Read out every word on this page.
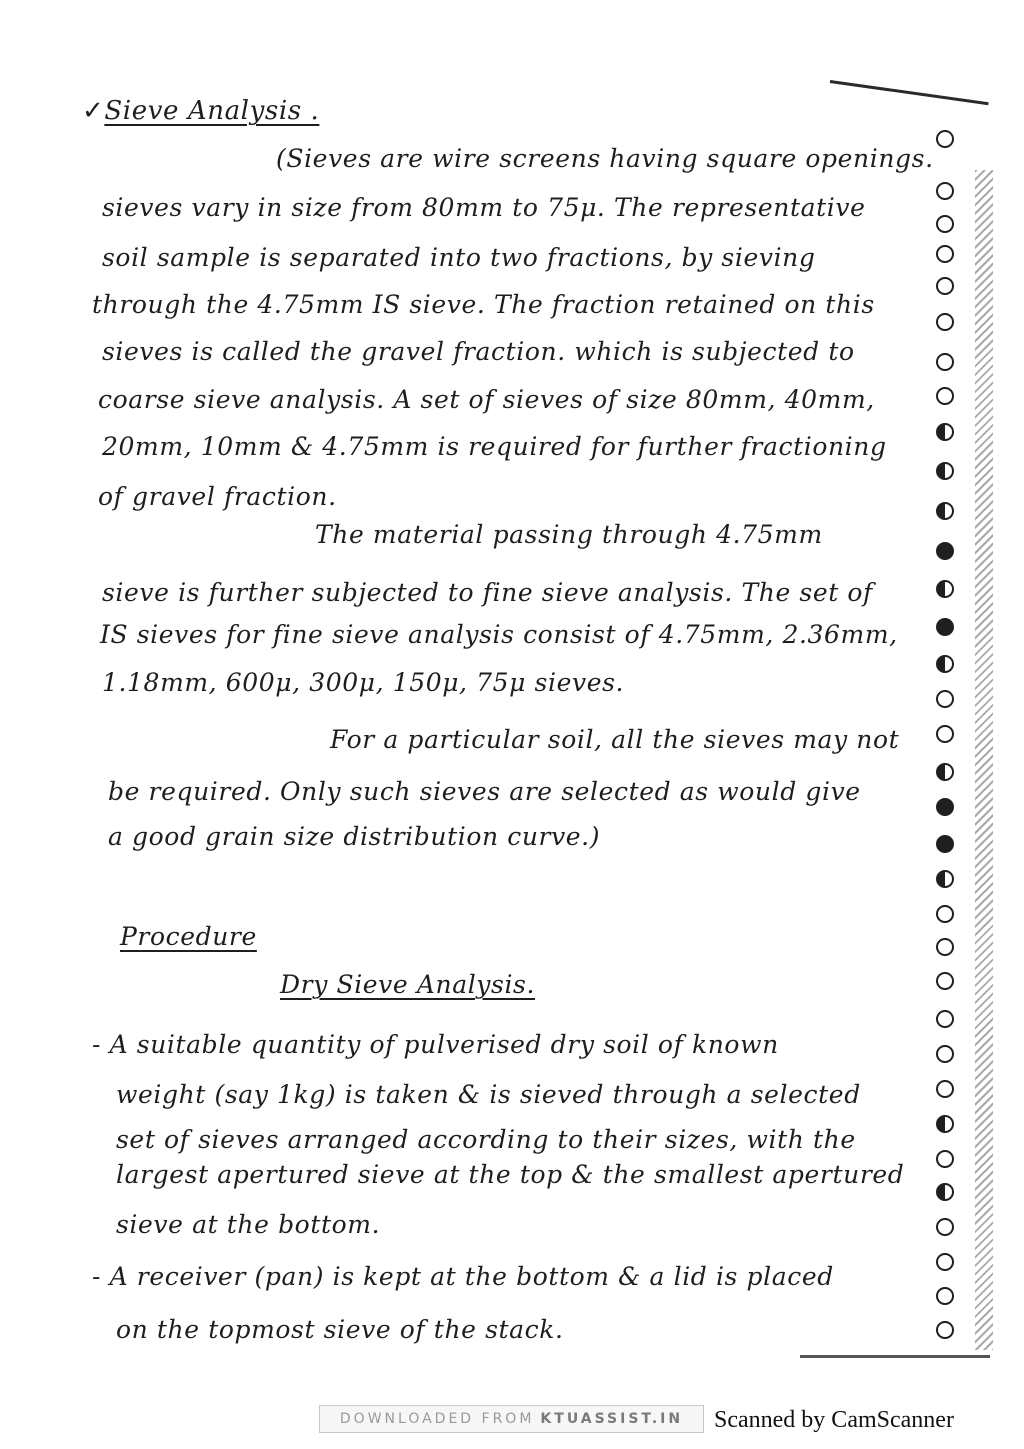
✓Sieve Analysis .
(Sieves are wire screens having square openings.
sieves vary in size from 80mm to 75μ. The representative
soil sample is separated into two fractions, by sieving
through the 4.75mm IS sieve. The fraction retained on this
sieves is called the gravel fraction. which is subjected to
coarse sieve analysis. A set of sieves of size 80mm, 40mm,
20mm, 10mm & 4.75mm is required for further fractioning
of gravel fraction.
The material passing through 4.75mm
sieve is further subjected to fine sieve analysis. The set of
IS sieves for fine sieve analysis consist of 4.75mm, 2.36mm,
1.18mm, 600μ, 300μ, 150μ, 75μ sieves.
For a particular soil, all the sieves may not
be required. Only such sieves are selected as would give
a good grain size distribution curve.)
Procedure
Dry Sieve Analysis.
- A suitable quantity of pulverised dry soil of known
weight (say 1kg) is taken & is sieved through a selected
set of sieves arranged according to their sizes, with the
largest apertured sieve at the top & the smallest apertured
sieve at the bottom.
- A receiver (pan) is kept at the bottom & a lid is placed
on the topmost sieve of the stack.
DOWNLOADED FROM KTUASSIST.IN Scanned by CamScanner
